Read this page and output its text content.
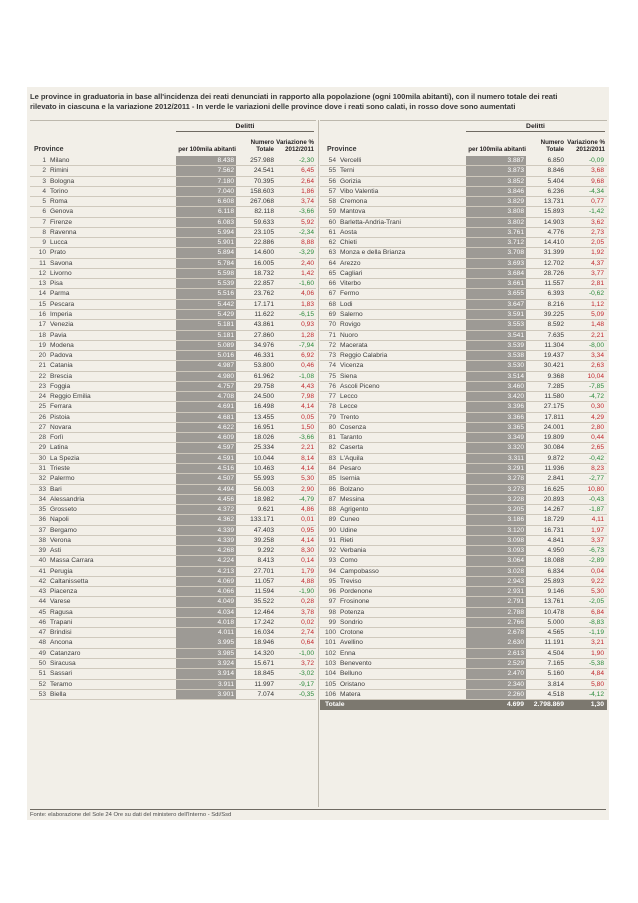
Le province in graduatoria in base all'incidenza dei reati denunciati in rapporto alla popolazione (ogni 100mila abitanti), con il numero totale dei reati
rilevato in ciascuna e la variazione 2012/2011 - In verde le variazioni delle province dove i reati sono calati, in rosso dove sono aumentati
Delitti
Province	per 100mila abitanti
Numero Totale
Variazione % 2012/2011
1 Milano	8.438	257.988	-2,30
2 Rimini	7.562	24.541	6,45
3 Bologna	7.180	70.395	2,64
4 Torino	7.040	158.603	1,86
5 Roma	6.608	267.068	3,74
6 Genova	6.118	82.118	-3,66
7 Firenze	6.083	59.633	5,92
8 Ravenna	5.994	23.105	-2,34
9 Lucca	5.901	22.886	8,88
10 Prato	5.894	14.600	-3,29
11 Savona	5.784	16.005	2,40
12 Livorno	5.598	18.732	1,42
13 Pisa	5.539	22.857	-1,60
14 Parma	5.516	23.762	4,06
15 Pescara	5.442	17.171	1,83
16 Imperia	5.429	11.622	-6,15
17 Venezia	5.181	43.861	0,93
18 Pavia	5.181	27.860	1,28
19 Modena	5.089	34.976	-7,94
20 Padova	5.016	46.331	6,92
21 Catania	4.987	53.800	0,46
22 Brescia	4.980	61.962	-1,08
23 Foggia	4.757	29.758	4,43
24 Reggio Emilia	4.708	24.500	7,98
25 Ferrara	4.691	16.498	4,14
26 Pistoia	4.681	13.455	0,05
27 Novara	4.622	16.951	1,50
28 Forlì	4.609	18.026	-3,66
29 Latina	4.597	25.334	2,21
30 La Spezia	4.591	10.044	8,14
31 Trieste	4.516	10.463	4,14
32 Palermo	4.507	55.993	5,30
33 Bari	4.494	56.003	2,90
34 Alessandria	4.456	18.982	-4,79
35 Grosseto	4.372	9.621	4,86
36 Napoli	4.362	133.171	0,01
37 Bergamo	4.339	47.403	0,95
38 Verona	4.339	39.258	4,14
39 Asti	4.268	9.292	8,30
40 Massa Carrara	4.224	8.413	0,14
41 Perugia	4.213	27.701	1,79
42 Caltanissetta	4.069	11.057	4,88
43 Piacenza	4.066	11.594	-1,90
44 Varese	4.049	35.522	0,28
45 Ragusa	4.034	12.464	3,78
46 Trapani	4.018	17.242	0,02
47 Brindisi	4.011	16.034	2,74
48 Ancona	3.995	18.946	0,64
49 Catanzaro	3.985	14.320	-1,00
50 Siracusa	3.924	15.671	3,72
51 Sassari	3.914	18.845	-3,02
52 Teramo	3.911	11.997	-9,17
53 Biella	3.901	7.074	-0,35
Delitti
Province	per 100mila abitanti
Numero Totale
Variazione % 2012/2011
54 Vercelli	3.887	6.850	-0,09
55 Terni	3.873	8.846	3,68
56 Gorizia	3.852	5.404	9,68
57 Vibo Valentia	3.846	6.236	-4,34
58 Cremona	3.829	13.731	0,77
59 Mantova	3.808	15.893	-1,42
60 Barletta-Andria-Trani	3.802	14.903	3,62
61 Aosta	3.761	4.776	2,73
62 Chieti	3.712	14.410	2,05
63 Monza e della Brianza	3.708	31.399	1,92
64 Arezzo	3.693	12.702	4,37
65 Cagliari	3.684	28.726	3,77
66 Viterbo	3.661	11.557	2,81
67 Fermo	3.655	6.393	-0,62
68 Lodi	3.647	8.216	1,12
69 Salerno	3.591	39.225	5,09
70 Rovigo	3.553	8.592	1,48
71 Nuoro	3.541	7.635	2,21
72 Macerata	3.539	11.304	-8,00
73 Reggio Calabria	3.538	19.437	3,34
74 Vicenza	3.530	30.421	2,63
75 Siena	3.514	9.368	10,04
76 Ascoli Piceno	3.460	7.285	-7,85
77 Lecco	3.420	11.580	-4,72
78 Lecce	3.396	27.175	0,30
79 Trento	3.366	17.811	4,29
80 Cosenza	3.365	24.001	2,80
81 Taranto	3.349	19.809	0,44
82 Caserta	3.320	30.084	2,65
83 L'Aquila	3.311	9.872	-0,42
84 Pesaro	3.291	11.936	8,23
85 Isernia	3.278	2.841	-2,77
86 Bolzano	3.273	16.625	10,80
87 Messina	3.228	20.893	-0,43
88 Agrigento	3.205	14.267	-1,87
89 Cuneo	3.186	18.729	4,11
90 Udine	3.120	16.731	1,97
91 Rieti	3.098	4.841	3,37
92 Verbania	3.093	4.950	-6,73
93 Como	3.064	18.088	-2,89
94 Campobasso	3.028	6.834	0,04
95 Treviso	2.943	25.893	9,22
96 Pordenone	2.931	9.146	5,30
97 Frosinone	2.791	13.761	-2,05
98 Potenza	2.788	10.478	6,84
99 Sondrio	2.766	5.000	-8,83
100 Crotone	2.678	4.565	-1,19
101 Avellino	2.630	11.191	3,21
102 Enna	2.613	4.504	1,90
103 Benevento	2.529	7.165	-5,38
104 Belluno	2.470	5.160	4,84
105 Oristano	2.340	3.814	5,80
106 Matera	2.260	4.518	-4,12
Totale	4.699	2.798.869	1,30
Fonte: elaborazione del Sole 24 Ore su dati del ministero dell'Interno - Sdi/Ssd
